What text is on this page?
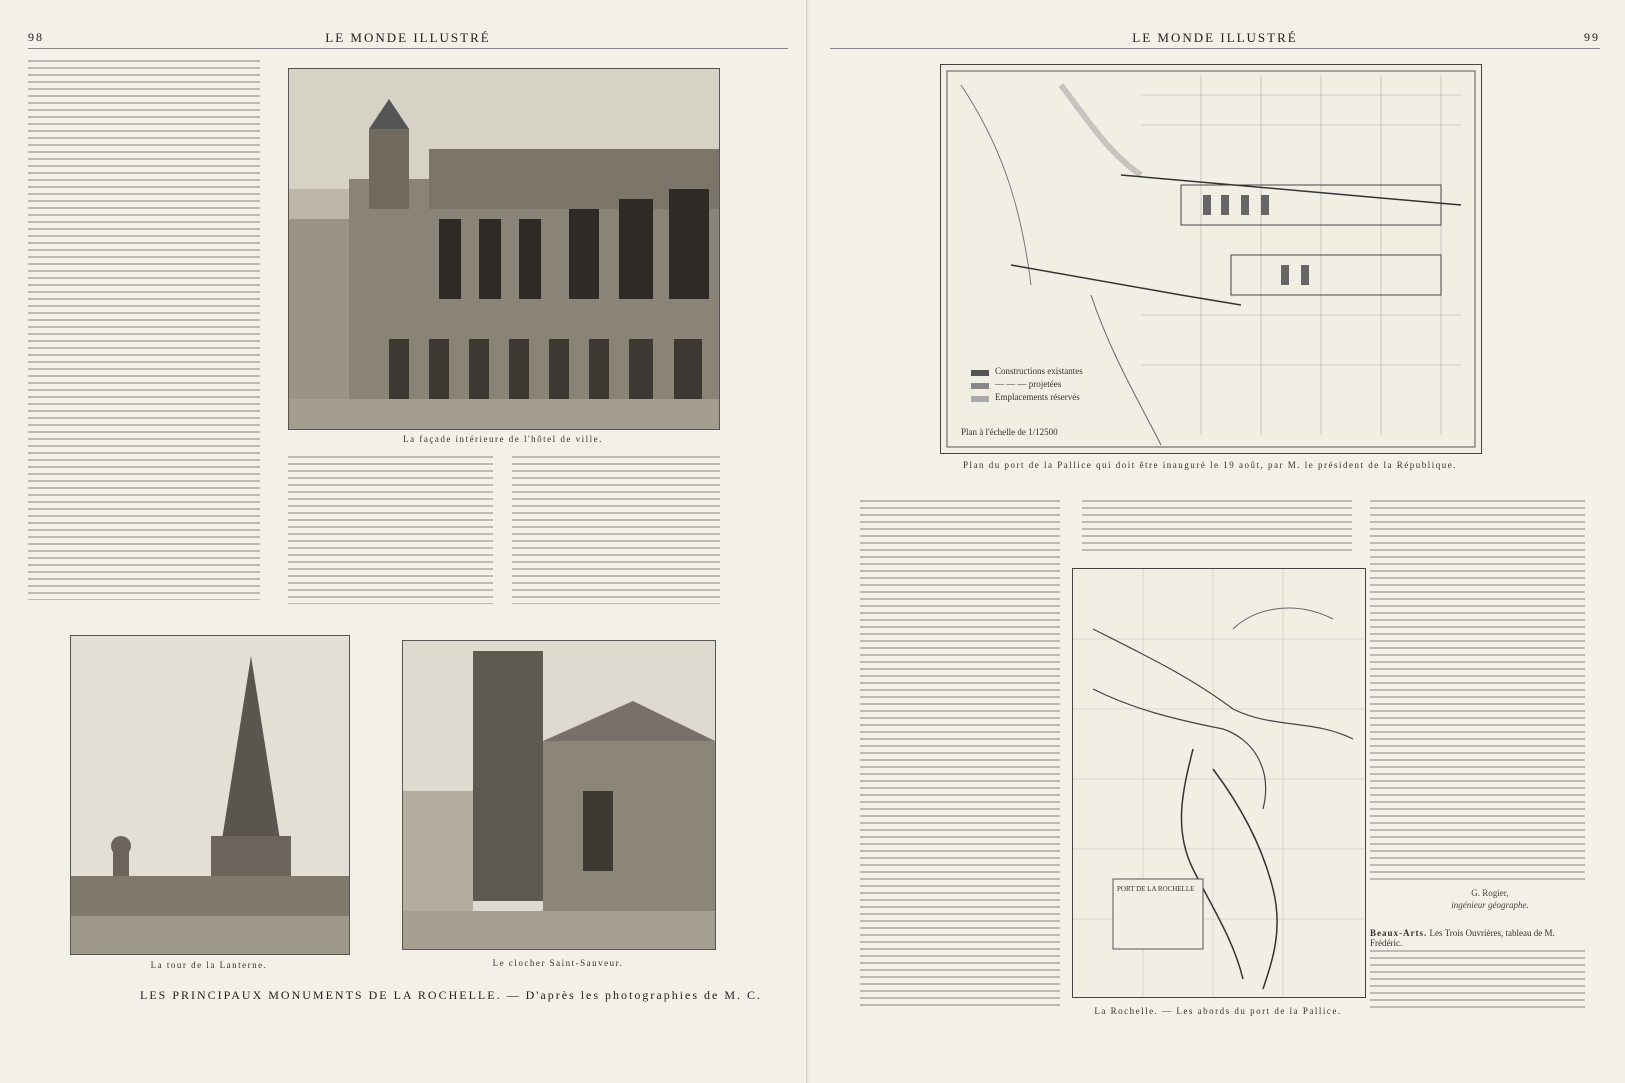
98	LE MONDE ILLUSTRÉ
La façade intérieure de l'hôtel de ville.
La tour de la Lanterne.	Le clocher Saint-Sauveur.
LES PRINCIPAUX MONUMENTS DE LA ROCHELLE. — D'après les photographies de M. C.
LE MONDE ILLUSTRÉ	99
Constructions existantes
— — — projetées
Emplacements réservés
Plan à l'échelle de 1/12500
Plan du port de la Pallice qui doit être inauguré le 19 août, par M. le président de la République.
PORT DE LA ROCHELLE
La Rochelle. — Les abords du port de la Pallice.
G. Rogier,
ingénieur géographe.
Beaux-Arts. Les Trois Ouvrières, tableau de M. Frédéric.
